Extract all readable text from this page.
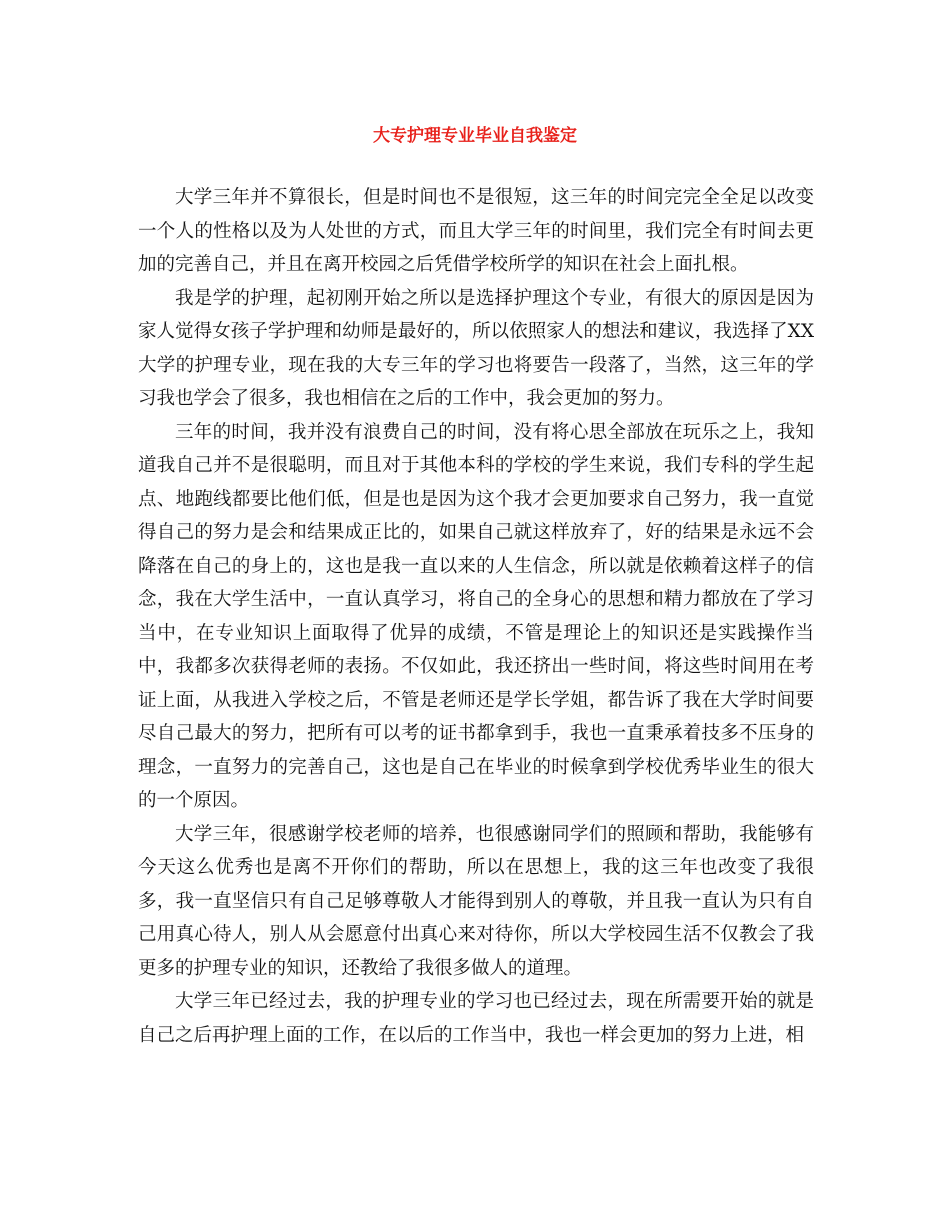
大专护理专业毕业自我鉴定

大学三年并不算很长，但是时间也不是很短，这三年的时间完完全全足以改变一个人的性格以及为人处世的方式，而且大学三年的时间里，我们完全有时间去更加的完善自己，并且在离开校园之后凭借学校所学的知识在社会上面扎根。

我是学的护理，起初刚开始之所以是选择护理这个专业，有很大的原因是因为家人觉得女孩子学护理和幼师是最好的，所以依照家人的想法和建议，我选择了XX大学的护理专业，现在我的大专三年的学习也将要告一段落了，当然，这三年的学习我也学会了很多，我也相信在之后的工作中，我会更加的努力。

三年的时间，我并没有浪费自己的时间，没有将心思全部放在玩乐之上，我知道我自己并不是很聪明，而且对于其他本科的学校的学生来说，我们专科的学生起点、地跑线都要比他们低，但是也是因为这个我才会更加要求自己努力，我一直觉得自己的努力是会和结果成正比的，如果自己就这样放弃了，好的结果是永远不会降落在自己的身上的，这也是我一直以来的人生信念，所以就是依赖着这样子的信念，我在大学生活中，一直认真学习，将自己的全身心的思想和精力都放在了学习当中，在专业知识上面取得了优异的成绩，不管是理论上的知识还是实践操作当中，我都多次获得老师的表扬。不仅如此，我还挤出一些时间，将这些时间用在考证上面，从我进入学校之后，不管是老师还是学长学姐，都告诉了我在大学时间要尽自己最大的努力，把所有可以考的证书都拿到手，我也一直秉承着技多不压身的理念，一直努力的完善自己，这也是自己在毕业的时候拿到学校优秀毕业生的很大的一个原因。

大学三年，很感谢学校老师的培养，也很感谢同学们的照顾和帮助，我能够有今天这么优秀也是离不开你们的帮助，所以在思想上，我的这三年也改变了我很多，我一直坚信只有自己足够尊敬人才能得到别人的尊敬，并且我一直认为只有自己用真心待人，别人从会愿意付出真心来对待你，所以大学校园生活不仅教会了我更多的护理专业的知识，还教给了我很多做人的道理。

大学三年已经过去，我的护理专业的学习也已经过去，现在所需要开始的就是自己之后再护理上面的工作，在以后的工作当中，我也一样会更加的努力上进，相
